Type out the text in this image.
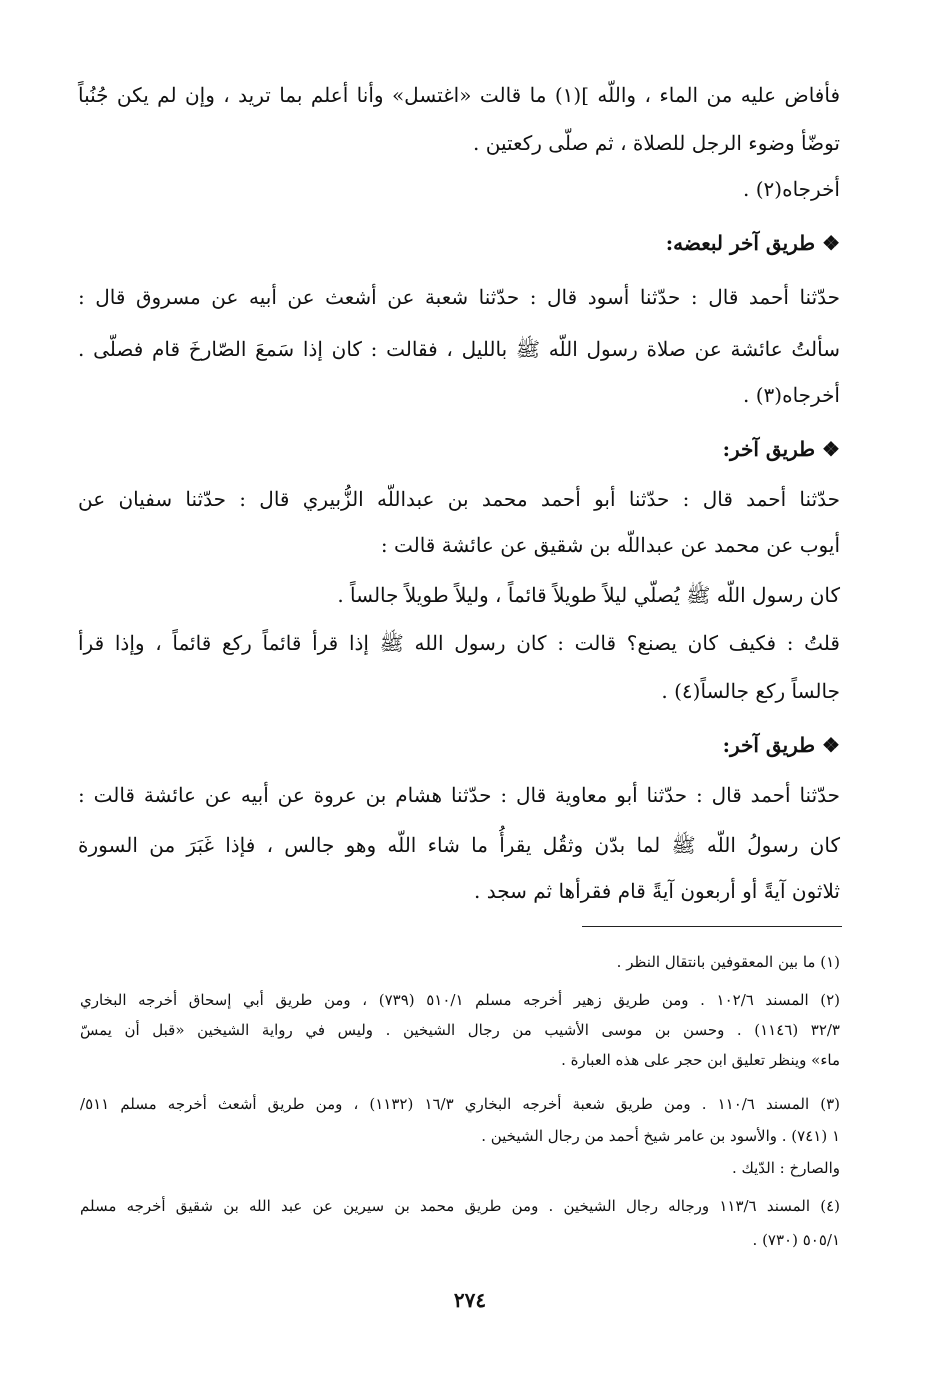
فأفاض عليه من الماء ، واللّه ](١) ما قالت «اغتسل» وأنا أعلم بما تريد ، وإن لم يكن جُنُباً
توضّأ وضوء الرجل للصلاة ، ثم صلّى ركعتين .
أخرجاه(٢) .
❖ طريق آخر لبعضه:
حدّثنا أحمد قال : حدّثنا أسود قال : حدّثنا شعبة عن أشعث عن أبيه عن مسروق قال :
سألتُ عائشة عن صلاة رسول اللّه ﷺ بالليل ، فقالت : كان إذا سَمعَ الصّارخَ قام فصلّى .
أخرجاه(٣) .
❖ طريق آخر:
حدّثنا أحمد قال : حدّثنا أبو أحمد محمد بن عبداللّه الزُّبيري قال : حدّثنا سفيان عن
أيوب عن محمد عن عبداللّه بن شقيق عن عائشة قالت :
كان رسول اللّه ﷺ يُصلّي ليلاً طويلاً قائماً ، وليلاً طويلاً جالساً .
قلتُ : فكيف كان يصنع؟ قالت : كان رسول الله ﷺ إذا قرأ قائماً ركع قائماً ، وإذا قرأ
جالساً ركع جالساً(٤) .
❖ طريق آخر:
حدّثنا أحمد قال : حدّثنا أبو معاوية قال : حدّثنا هشام بن عروة عن أبيه عن عائشة قالت :
كان رسولُ اللّه ﷺ لما بدّن وثقُل يقرأُ ما شاء اللّه وهو جالس ، فإذا غَبَرَ من السورة
ثلاثون آيةً أو أربعون آيةً قام فقرأها ثم سجد .
(١) ما بين المعقوفين بانتقال النظر .
(٢) المسند ١٠٢/٦ . ومن طريق زهير أخرجه مسلم ٥١٠/١ (٧٣٩) ، ومن طريق أبي إسحاق أخرجه البخاري
٣٢/٣ (١١٤٦) . وحسن بن موسى الأشيب من رجال الشيخين . وليس في رواية الشيخين «قبل أن يمسّ
ماء» وينظر تعليق ابن حجر على هذه العبارة .
(٣) المسند ١١٠/٦ . ومن طريق شعبة أخرجه البخاري ١٦/٣ (١١٣٢) ، ومن طريق أشعث أخرجه مسلم ٥١١/
١ (٧٤١) . والأسود بن عامر شيخ أحمد من رجال الشيخين .
والصارخ : الدّيك .
(٤) المسند ١١٣/٦ ورجاله رجال الشيخين . ومن طريق محمد بن سيرين عن عبد الله بن شقيق أخرجه مسلم
٥٠٥/١ (٧٣٠) .
٢٧٤
